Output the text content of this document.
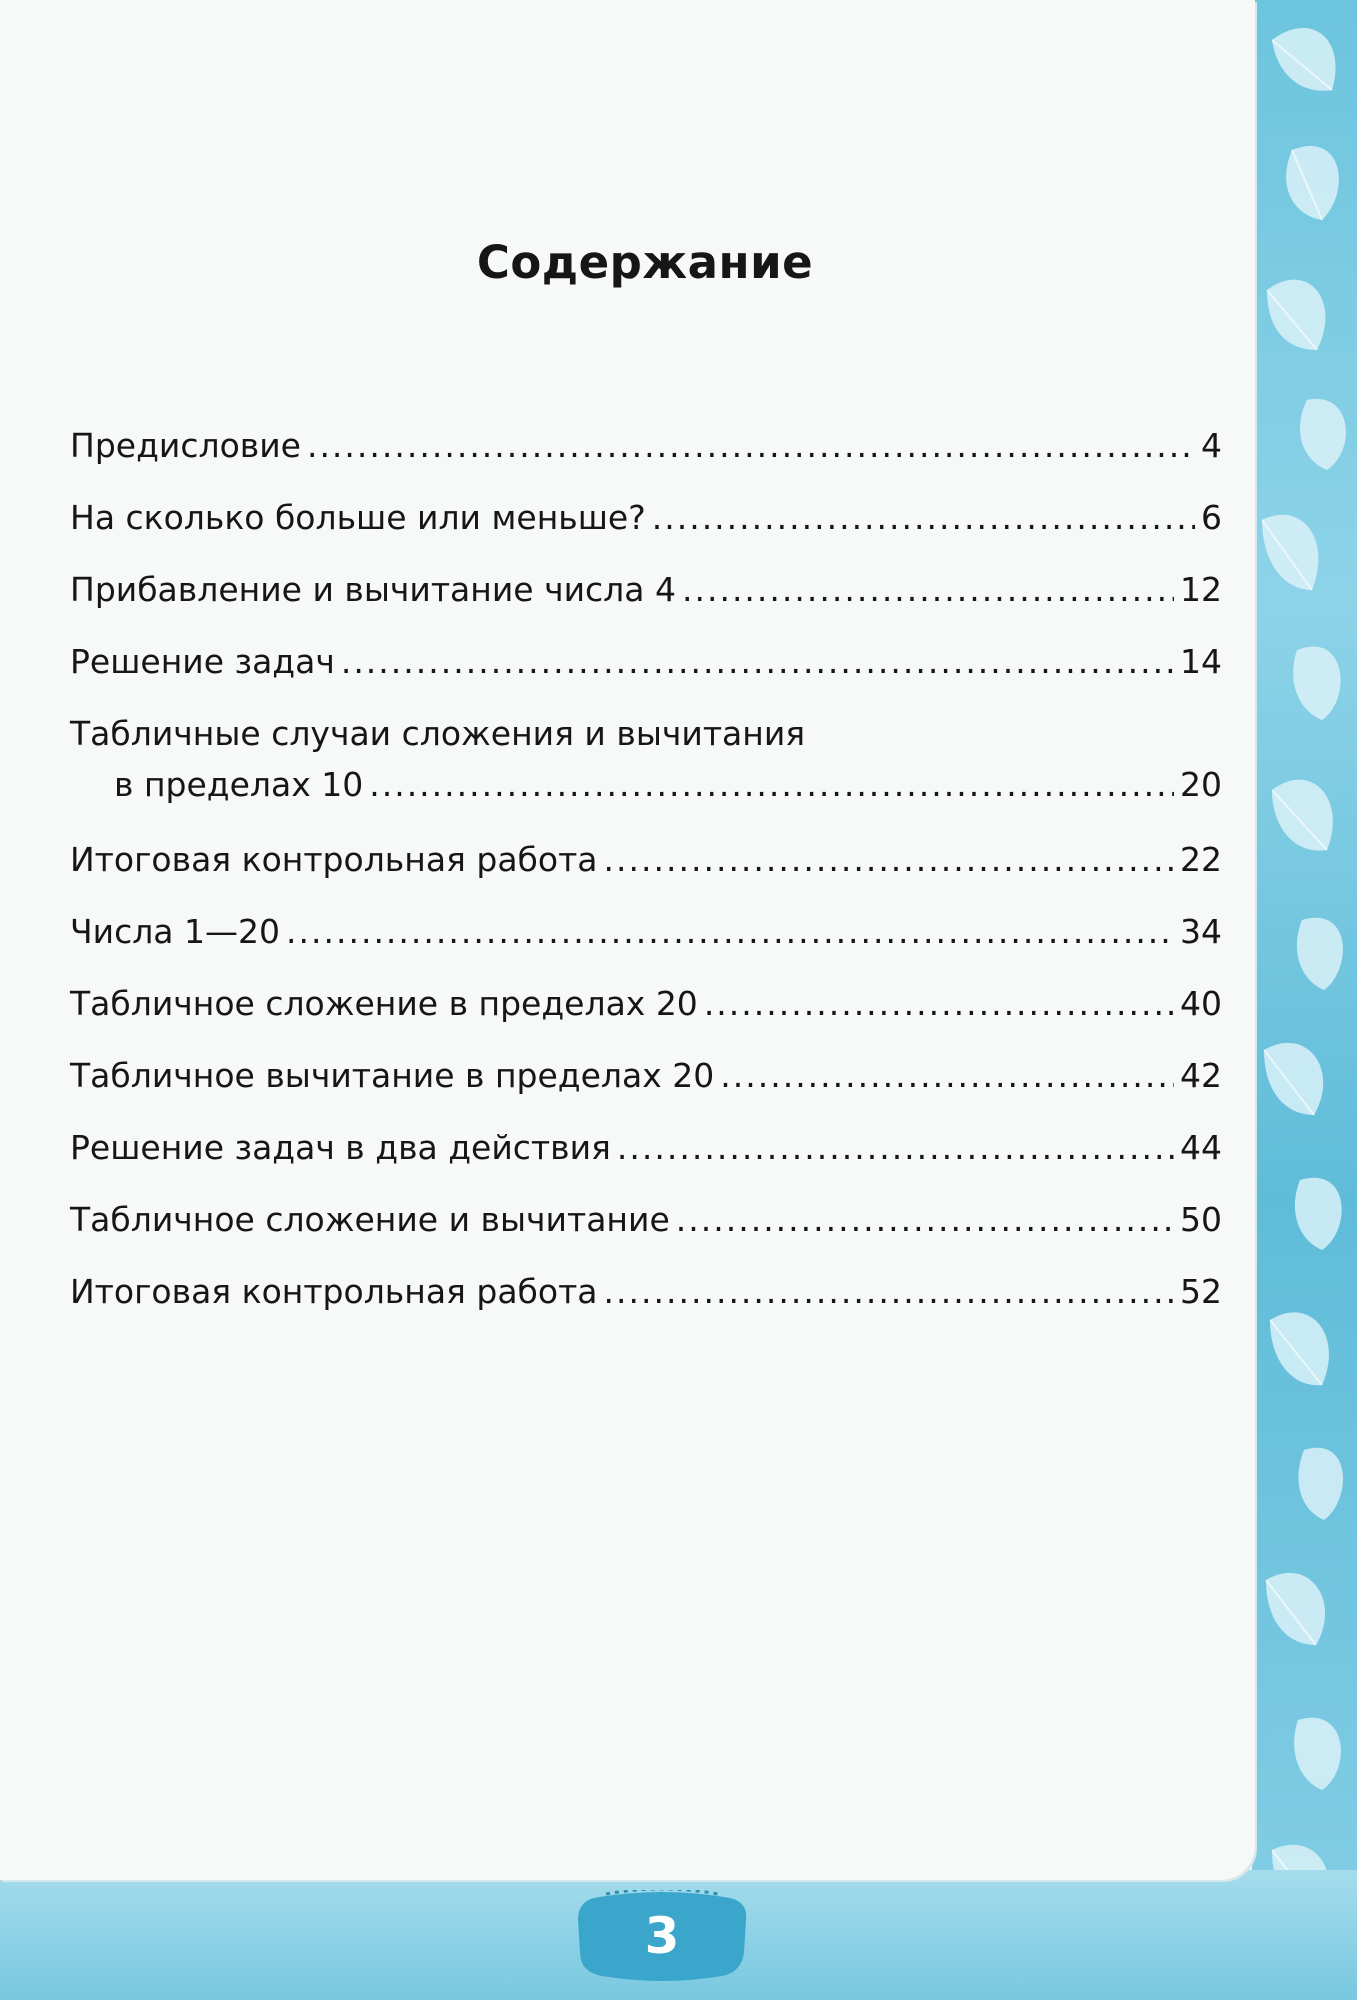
Содержание
Предисловие .....	4
На сколько больше или меньше? .....	6
Прибавление и вычитание числа 4 .....	12
Решение задач .....	14
Табличные случаи сложения и вычитания
в пределах 10 .....	20
Итоговая контрольная работа .....	22
Числа 1—20 .....	34
Табличное сложение в пределах 20 .....	40
Табличное вычитание в пределах 20 .....	42
Решение задач в два действия .....	44
Табличное сложение и вычитание .....	50
Итоговая контрольная работа .....	52
3
